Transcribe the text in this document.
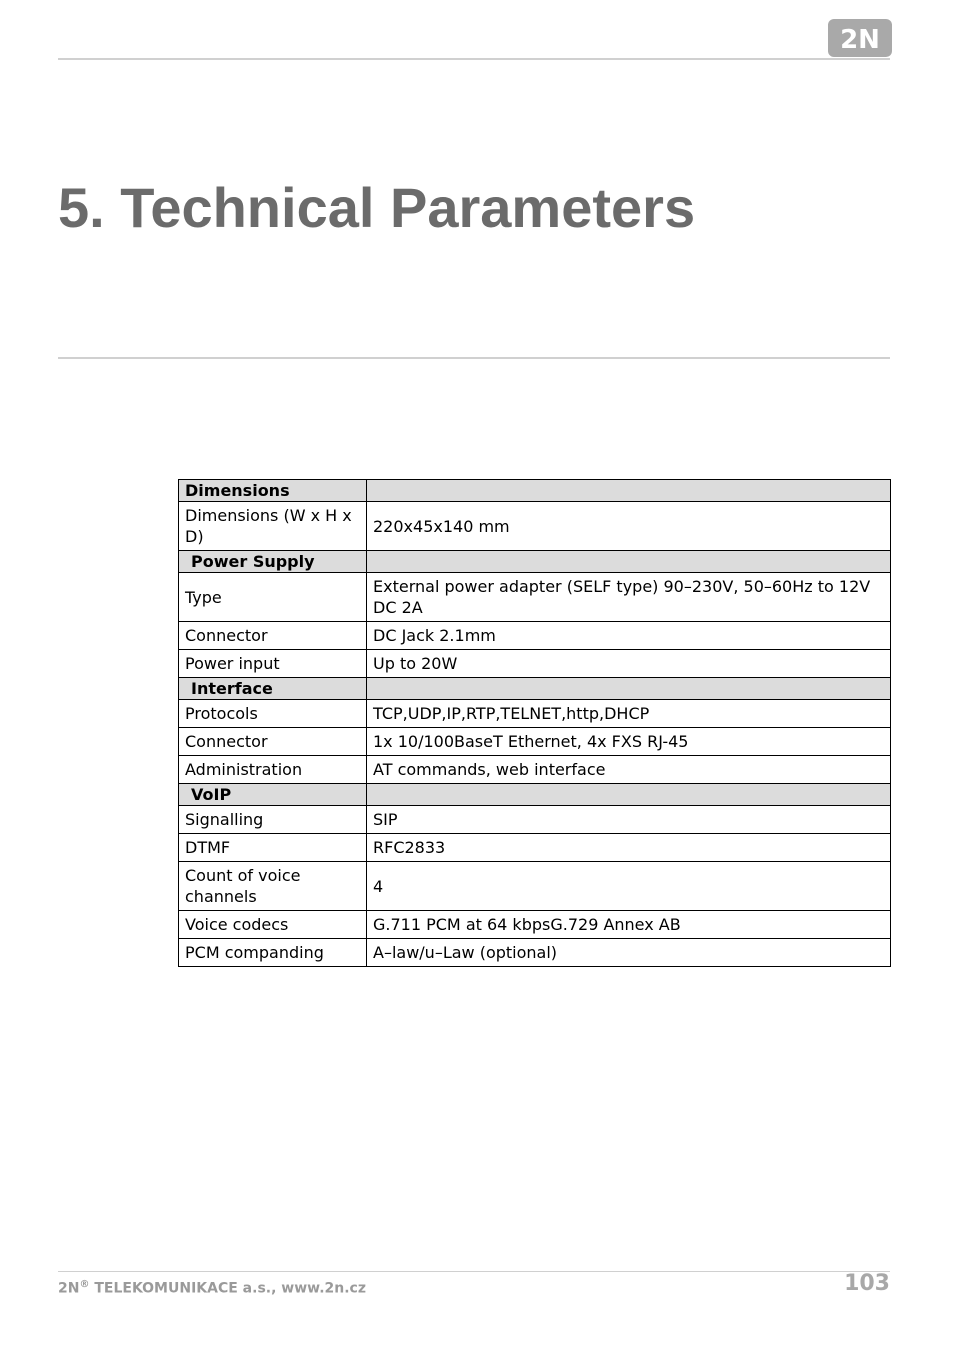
2N
5. Technical Parameters
Dimensions	
Dimensions (W x H x D)	220x45x140 mm
Power Supply	
Type	External power adapter (SELF type) 90–230V, 50–60Hz to 12V DC 2A
Connector	DC Jack 2.1mm
Power input	Up to 20W
Interface	
Protocols	TCP,UDP,IP,RTP,TELNET,http,DHCP
Connector	1x 10/100BaseT Ethernet, 4x FXS RJ-45
Administration	AT commands, web interface
VoIP	
Signalling	SIP
DTMF	RFC2833
Count of voice channels	4
Voice codecs	G.711 PCM at 64 kbpsG.729 Annex AB
PCM companding	A–law/u–Law (optional)
2N® TELEKOMUNIKACE a.s., www.2n.cz	103
